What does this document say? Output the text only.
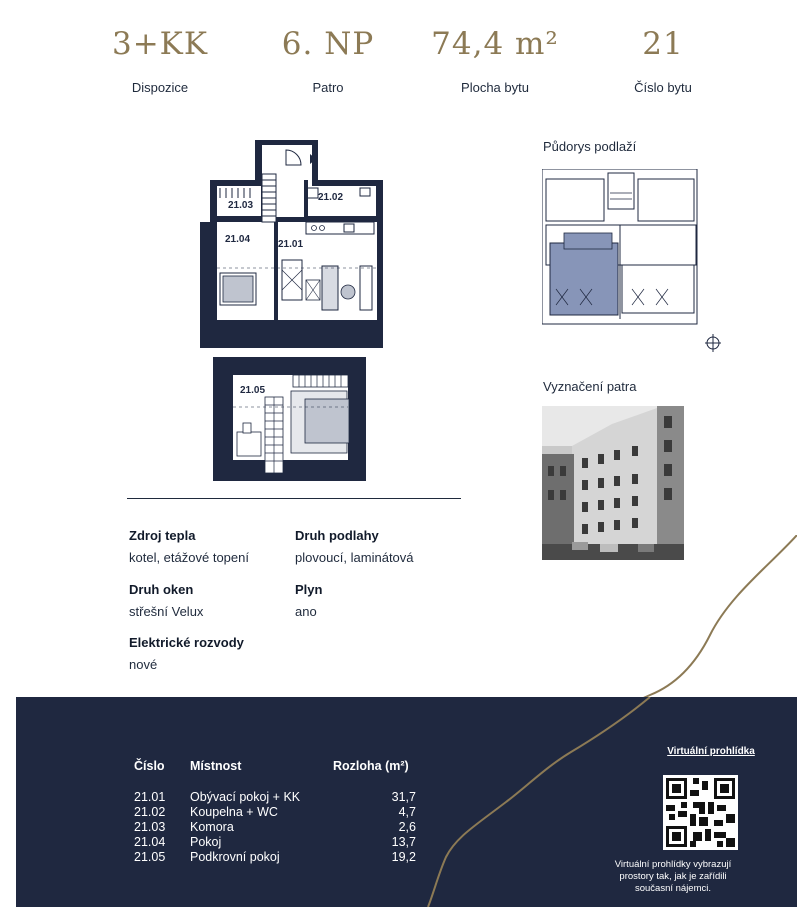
3+KK
Dispozice
6. NP
Patro
74,4 m²
Plocha bytu
21
Číslo bytu
21.03
21.02
21.04	21.01
21.05
Půdorys podlaží
Vyznačení patra
Zdroj tepla
kotel, etážové topení
Druh podlahy
plovoucí, laminátová
Druh oken
střešní Velux
Plyn
ano
Elektrické rozvody
nové
Číslo Místnost	Rozloha (m²)
21.01 Obývací pokoj + KK	31,7
21.02 Koupelna + WC	4,7
21.03 Komora	2,6
21.04 Pokoj	13,7
21.05 Podkrovní pokoj	19,2
Virtuální prohlídka
Virtuální prohlídky vybrazují prostory tak, jak je zařídili současní nájemci.
